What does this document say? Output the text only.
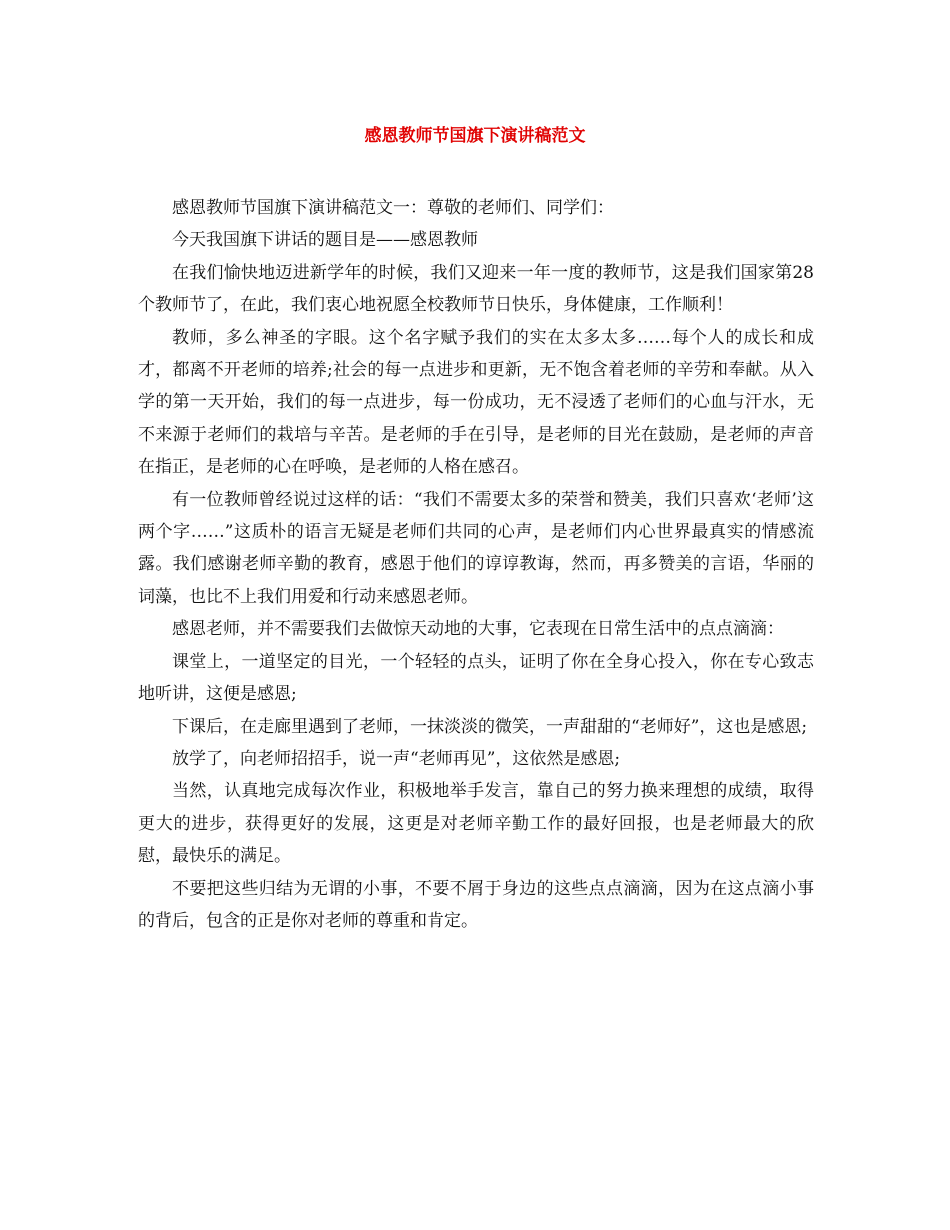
感恩教师节国旗下演讲稿范文

感恩教师节国旗下演讲稿范文一：尊敬的老师们、同学们：

今天我国旗下讲话的题目是——感恩教师

在我们愉快地迈进新学年的时候，我们又迎来一年一度的教师节，这是我们国家第28个教师节了，在此，我们衷心地祝愿全校教师节日快乐，身体健康，工作顺利！

教师，多么神圣的字眼。这个名字赋予我们的实在太多太多……每个人的成长和成才，都离不开老师的培养;社会的每一点进步和更新，无不饱含着老师的辛劳和奉献。从入学的第一天开始，我们的每一点进步，每一份成功，无不浸透了老师们的心血与汗水，无不来源于老师们的栽培与辛苦。是老师的手在引导，是老师的目光在鼓励，是老师的声音在指正，是老师的心在呼唤，是老师的人格在感召。

有一位教师曾经说过这样的话：“我们不需要太多的荣誉和赞美，我们只喜欢‘老师’这两个字……”这质朴的语言无疑是老师们共同的心声，是老师们内心世界最真实的情感流露。我们感谢老师辛勤的教育，感恩于他们的谆谆教诲，然而，再多赞美的言语，华丽的词藻，也比不上我们用爱和行动来感恩老师。

感恩老师，并不需要我们去做惊天动地的大事，它表现在日常生活中的点点滴滴：

课堂上，一道坚定的目光，一个轻轻的点头，证明了你在全身心投入，你在专心致志地听讲，这便是感恩;

下课后，在走廊里遇到了老师，一抹淡淡的微笑，一声甜甜的“老师好”，这也是感恩;

放学了，向老师招招手，说一声“老师再见”，这依然是感恩;

当然，认真地完成每次作业，积极地举手发言，靠自己的努力换来理想的成绩，取得更大的进步，获得更好的发展，这更是对老师辛勤工作的最好回报，也是老师最大的欣慰，最快乐的满足。

不要把这些归结为无谓的小事，不要不屑于身边的这些点点滴滴，因为在这点滴小事的背后，包含的正是你对老师的尊重和肯定。
